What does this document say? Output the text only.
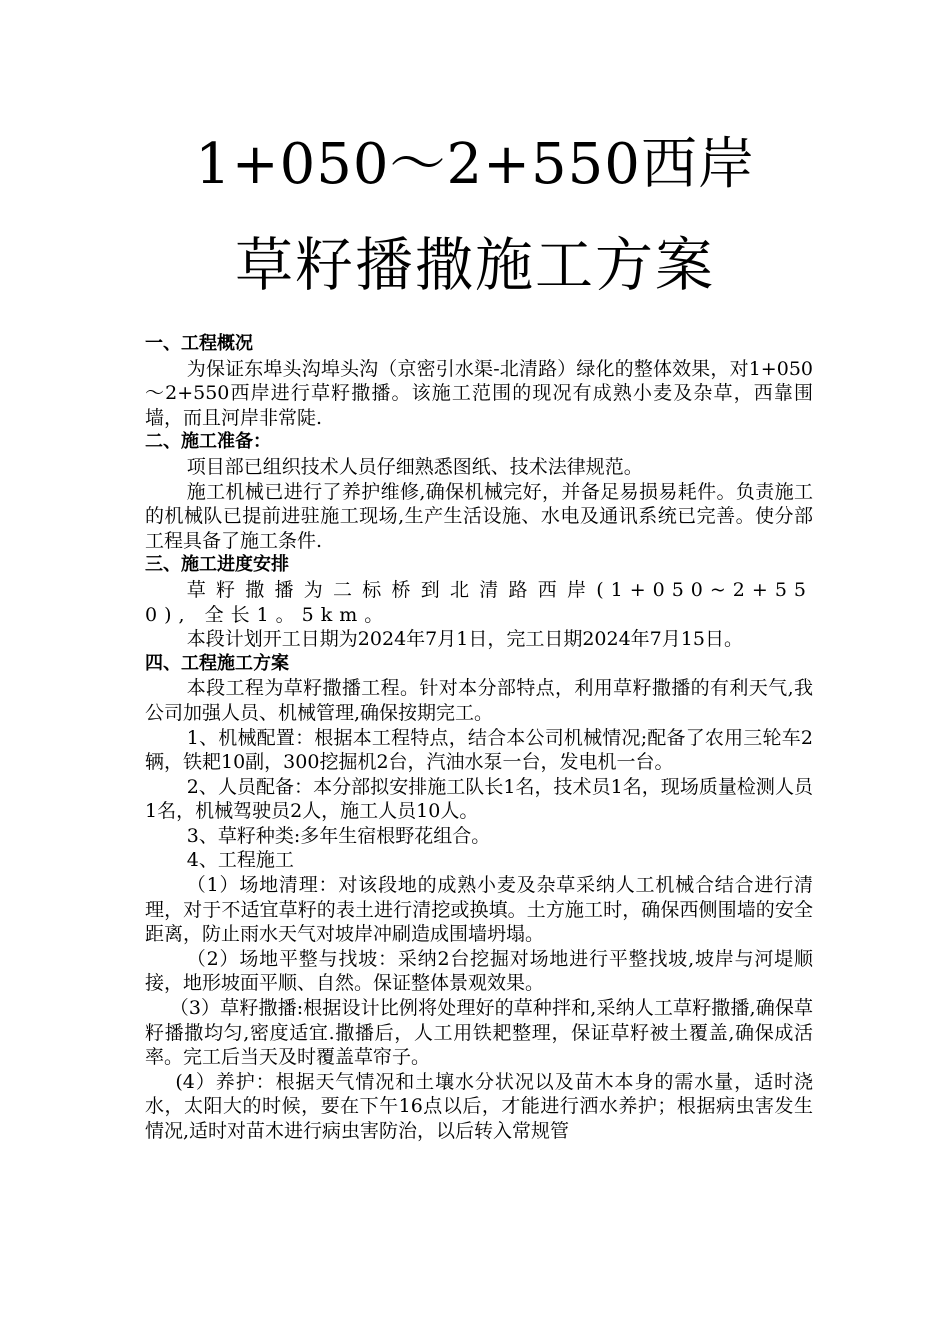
1+050～2+550西岸
草籽播撒施工方案

一、工程概况

为保证东埠头沟埠头沟（京密引水渠-北清路）绿化的整体效果，对1+050～2+550西岸进行草籽撒播。该施工范围的现况有成熟小麦及杂草，西靠围墙，而且河岸非常陡.

二、施工准备：

项目部已组织技术人员仔细熟悉图纸、技术法律规范。

施工机械已进行了养护维修,确保机械完好，并备足易损易耗件。负责施工的机械队已提前进驻施工现场,生产生活设施、水电及通讯系统已完善。使分部工程具备了施工条件.

三、施工进度安排

草籽撒播为二标桥到北清路西岸(1+050~2+550), 全长1。5km。

本段计划开工日期为2024年7月1日，完工日期2024年7月15日。

四、工程施工方案

本段工程为草籽撒播工程。针对本分部特点，利用草籽撒播的有利天气,我公司加强人员、机械管理,确保按期完工。

1、机械配置：根据本工程特点，结合本公司机械情况;配备了农用三轮车2辆，铁耙10副，300挖掘机2台，汽油水泵一台，发电机一台。

2、人员配备：本分部拟安排施工队长1名，技术员1名，现场质量检测人员1名，机械驾驶员2人，施工人员10人。

3、草籽种类:多年生宿根野花组合。

4、工程施工

（1）场地清理：对该段地的成熟小麦及杂草采纳人工机械合结合进行清理，对于不适宜草籽的表土进行清挖或换填。土方施工时，确保西侧围墙的安全距离，防止雨水天气对坡岸冲刷造成围墙坍塌。

（2）场地平整与找坡：采纳2台挖掘对场地进行平整找坡,坡岸与河堤顺接，地形坡面平顺、自然。保证整体景观效果。

（3）草籽撒播:根据设计比例将处理好的草种拌和,采纳人工草籽撒播,确保草籽播撒均匀,密度适宜.撒播后，人工用铁耙整理，保证草籽被土覆盖,确保成活率。完工后当天及时覆盖草帘子。

(4）养护：根据天气情况和土壤水分状况以及苗木本身的需水量，适时浇水，太阳大的时候，要在下午16点以后，才能进行洒水养护；根据病虫害发生情况,适时对苗木进行病虫害防治，以后转入常规管
